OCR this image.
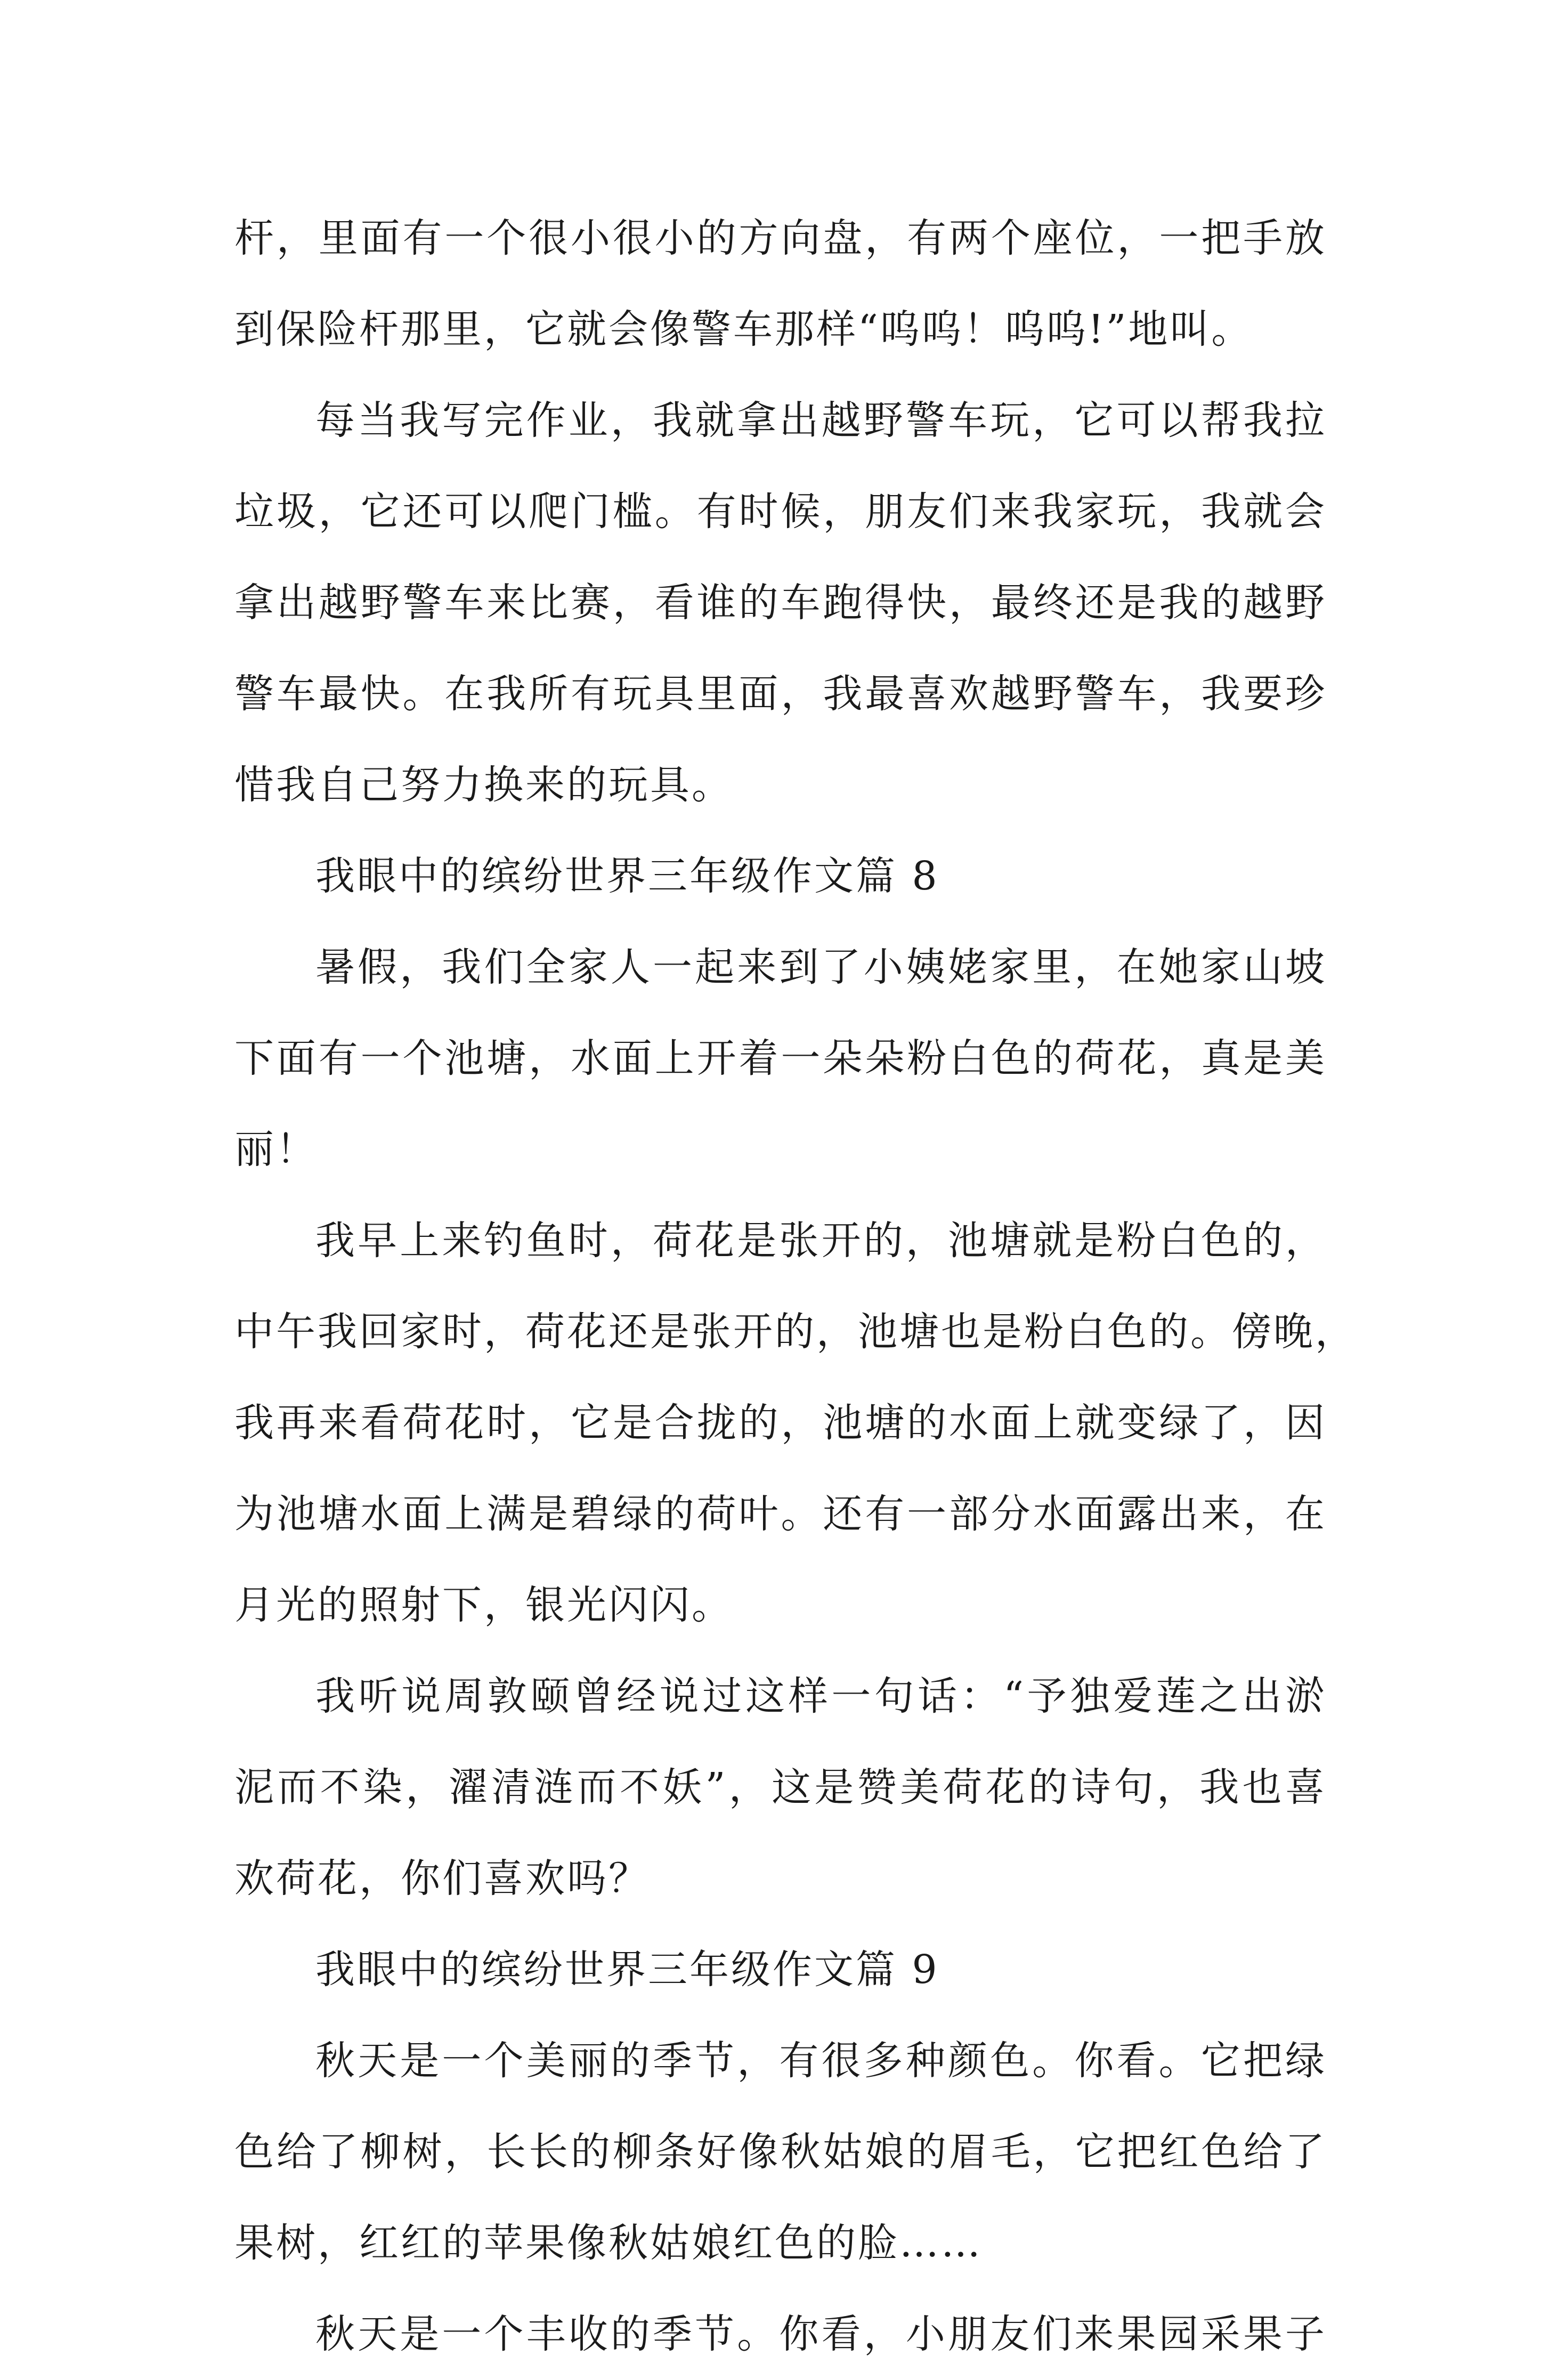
杆，里面有一个很小很小的方向盘，有两个座位，一把手放
到保险杆那里，它就会像警车那样“呜呜！呜呜!”地叫。
每当我写完作业，我就拿出越野警车玩，它可以帮我拉
垃圾，它还可以爬门槛。有时候，朋友们来我家玩，我就会
拿出越野警车来比赛，看谁的车跑得快，最终还是我的越野
警车最快。在我所有玩具里面，我最喜欢越野警车，我要珍
惜我自己努力换来的玩具。
我眼中的缤纷世界三年级作文篇 8
暑假，我们全家人一起来到了小姨姥家里，在她家山坡
下面有一个池塘，水面上开着一朵朵粉白色的荷花，真是美
丽！
我早上来钓鱼时，荷花是张开的，池塘就是粉白色的，
中午我回家时，荷花还是张开的，池塘也是粉白色的。傍晚，
我再来看荷花时，它是合拢的，池塘的水面上就变绿了，因
为池塘水面上满是碧绿的荷叶。还有一部分水面露出来，在
月光的照射下，银光闪闪。
我听说周敦颐曾经说过这样一句话：“予独爱莲之出淤
泥而不染，濯清涟而不妖”，这是赞美荷花的诗句，我也喜
欢荷花，你们喜欢吗？
我眼中的缤纷世界三年级作文篇 9
秋天是一个美丽的季节，有很多种颜色。你看。它把绿
色给了柳树，长长的柳条好像秋姑娘的眉毛，它把红色给了
果树，红红的苹果像秋姑娘红色的脸……
秋天是一个丰收的季节。你看，小朋友们来果园采果子
